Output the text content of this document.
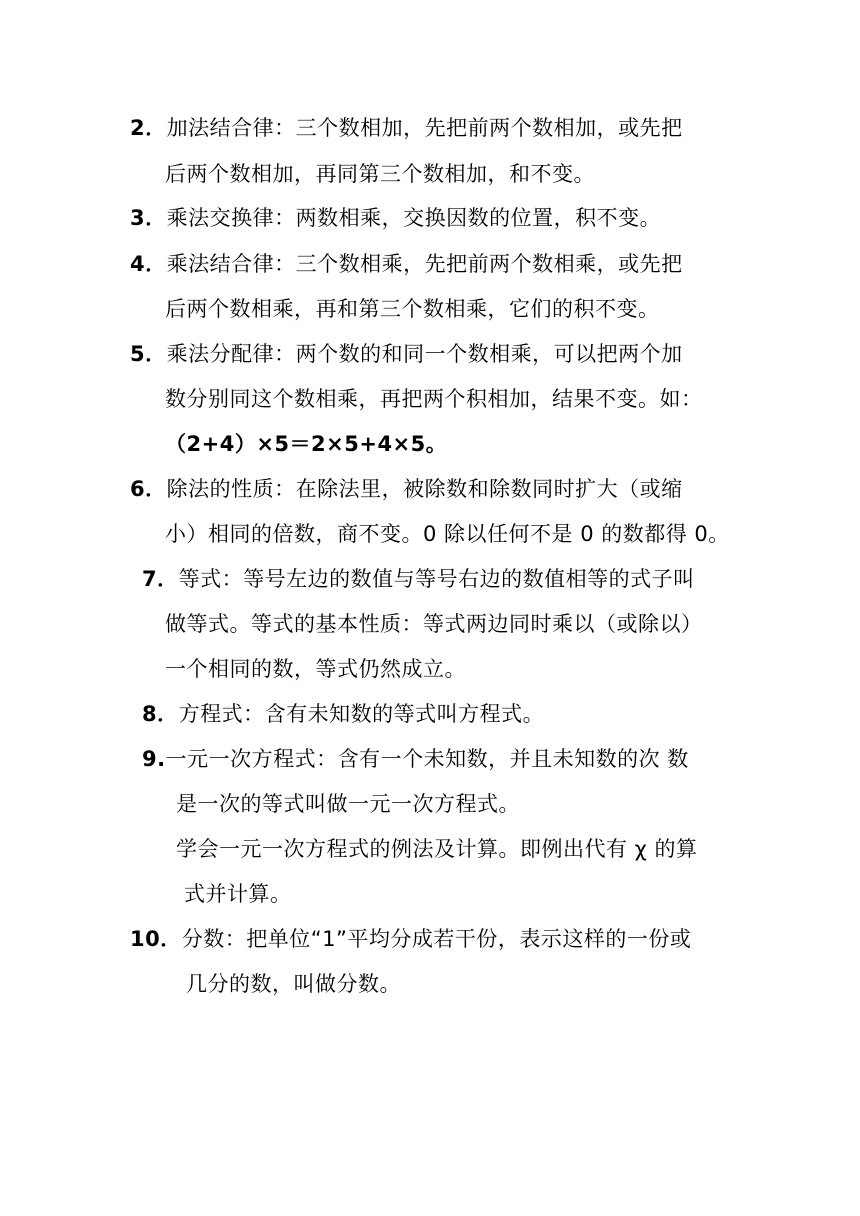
2．加法结合律：三个数相加，先把前两个数相加，或先把
后两个数相加，再同第三个数相加，和不变。
3．乘法交换律：两数相乘，交换因数的位置，积不变。
4．乘法结合律：三个数相乘，先把前两个数相乘，或先把
后两个数相乘，再和第三个数相乘，它们的积不变。
5．乘法分配律：两个数的和同一个数相乘，可以把两个加
数分别同这个数相乘，再把两个积相加，结果不变。如：
（2+4）×5＝2×5+4×5。
6．除法的性质：在除法里，被除数和除数同时扩大（或缩
小）相同的倍数，商不变。0 除以任何不是 0 的数都得 0。
7．等式：等号左边的数值与等号右边的数值相等的式子叫
做等式。等式的基本性质：等式两边同时乘以（或除以）
一个相同的数，等式仍然成立。
8．方程式：含有未知数的等式叫方程式。
9.一元一次方程式：含有一个未知数，并且未知数的次 数
是一次的等式叫做一元一次方程式。
学会一元一次方程式的例法及计算。即例出代有 χ 的算
式并计算。
10．分数：把单位“1”平均分成若干份，表示这样的一份或
几分的数，叫做分数。
